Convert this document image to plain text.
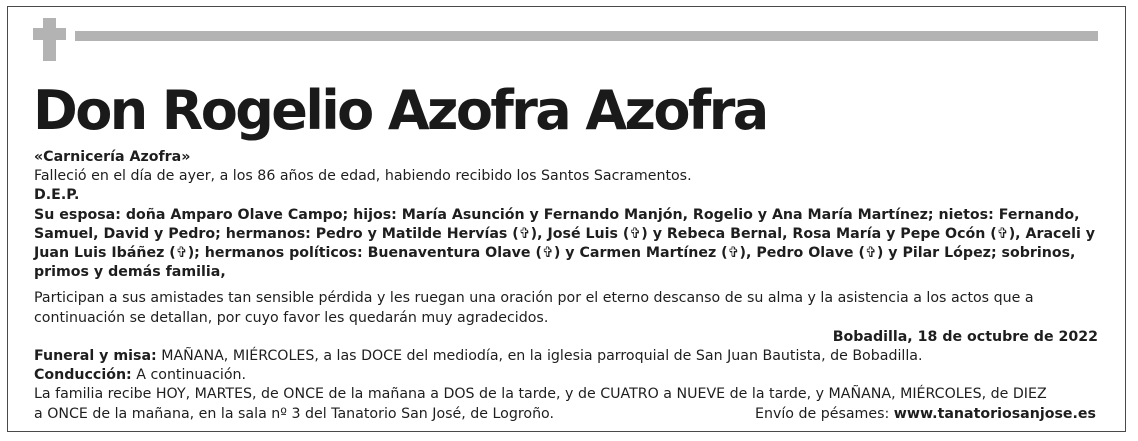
Don Rogelio Azofra Azofra

«Carnicería Azofra»

Falleció en el día de ayer, a los 86 años de edad, habiendo recibido los Santos Sacramentos.

D.E.P.

Su esposa: doña Amparo Olave Campo; hijos: María Asunción y Fernando Manjón, Rogelio y Ana María Martínez; nietos: Fernando, Samuel, David y Pedro; hermanos: Pedro y Matilde Hervías (✞), José Luis (✞) y Rebeca Bernal, Rosa María y Pepe Ocón (✞), Araceli y Juan Luis Ibáñez (✞); hermanos políticos: Buenaventura Olave (✞) y Carmen Martínez (✞), Pedro Olave (✞) y Pilar López; sobrinos, primos y demás familia,

Participan a sus amistades tan sensible pérdida y les ruegan una oración por el eterno descanso de su alma y la asistencia a los actos que a continuación se detallan, por cuyo favor les quedarán muy agradecidos.

Bobadilla, 18 de octubre de 2022

Funeral y misa: MAÑANA, MIÉRCOLES, a las DOCE del mediodía, en la iglesia parroquial de San Juan Bautista, de Bobadilla.

Conducción: A continuación.

La familia recibe HOY, MARTES, de ONCE de la mañana a DOS de la tarde, y de CUATRO a NUEVE de la tarde, y MAÑANA, MIÉRCOLES, de DIEZ

a ONCE de la mañana, en la sala nº 3 del Tanatorio San José, de Logroño.	Envío de pésames: www.tanatoriosanjose.es
